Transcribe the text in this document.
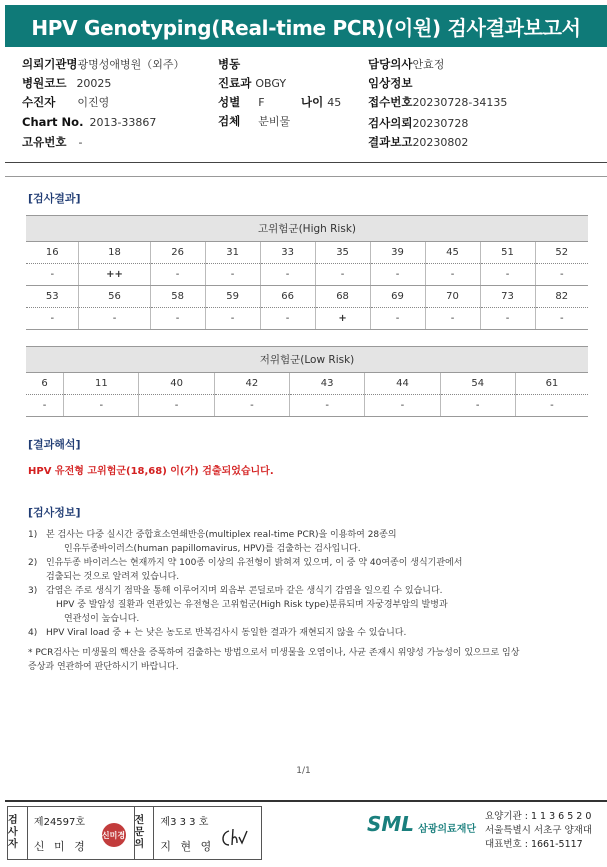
HPV Genotyping(Real-time PCR)(이원) 검사결과보고서
의뢰기관명광명성애병원（외주）
병원코드 20025
수진자 이진영
Chart No. 2013-33867
고유번호 -
병동
진료과 OBGY
성별 F	나이 45
검체 분비물
담당의사안효정
임상정보
접수번호20230728-34135
검사의뢰20230728
결과보고20230802
[검사결과]
고위험군(High Risk)									
16	18	26	31	33	35	39	45	51	52
-	++	-	-	-	-	-	-	-	-
53	56	58	59	66	68	69	70	73	82
-	-	-	-	-	+	-	-	-	-
저위험군(Low Risk)							
6	11	40	42	43	44	54	61
-	-	-	-	-	-	-	-
[결과해석]
HPV 유전형 고위험군(18,68) 이(가) 검출되었습니다.
[검사정보]
1) 본 검사는 다중 실시간 중합효소연쇄반응(multiplex real-time PCR)을 이용하여 28종의
인유두종바이러스(human papillomavirus, HPV)를 검출하는 검사입니다.
2) 인유두종 바이러스는 현재까지 약 100종 이상의 유전형이 밝혀져 있으며, 이 중 약 40여종이 생식기관에서
검출되는 것으로 알려져 있습니다.
3) 감염은 주로 생식기 점막을 통해 이루어지며 외음부 콘딜로마 같은 생식기 감염을 일으킬 수 있습니다.
HPV 중 발암성 질환과 연관있는 유전형은 고위험군(High Risk type)분류되며 자궁경부암의 발병과
연관성이 높습니다.
4) HPV Viral load 중 + 는 낮은 농도로 반복검사시 동일한 결과가 재현되지 않을 수 있습니다.
* PCR검사는 미생물의 핵산을 증폭하여 검출하는 방법으로서 미생물을 오염이나, 사균 존재시 위양성 가능성이 있으므로 임상
증상과 연관하여 판단하시기 바랍니다.
1/1
검사자
제24597호
신 미 경
신미경
전문의
제3 3 3 호
지 현 영
SML 삼광의료재단
요양기관 : 1 1 3 6 5 2 0
서울특별시 서초구 양재대
대표번호 : 1661-5117
